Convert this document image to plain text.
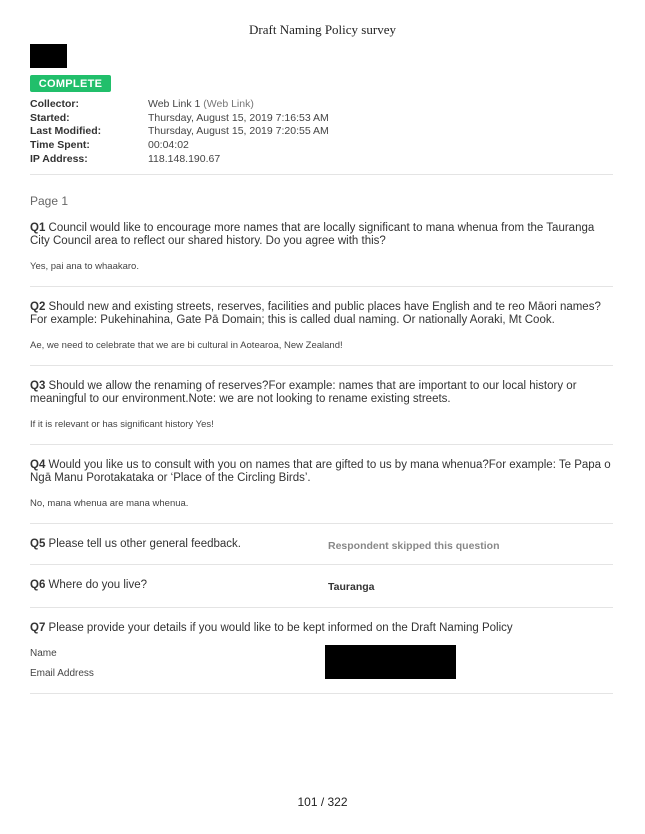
Draft Naming Policy survey
COMPLETE
Collector:	Web Link 1
(Web Link)
Started:	Thursday, August 15, 2019 7:16:53 AM
Last Modified:	Thursday, August 15, 2019 7:20:55 AM
Time Spent:	00:04:02
IP Address:	118.148.190.67
Page 1
Q1 Council would like to encourage more names that are locally significant to mana whenua from the Tauranga City Council area to reflect our shared history. Do you agree with this?
Yes, pai ana to whaakaro.
Q2 Should new and existing streets, reserves, facilities and public places have English and te reo Māori names?For example: Pukehinahina, Gate Pā Domain; this is called dual naming. Or nationally Aoraki, Mt Cook.
Ae, we need to celebrate that we are bi cultural in Aotearoa, New Zealand!
Q3 Should we allow the renaming of reserves?For example: names that are important to our local history or meaningful to our environment.Note: we are not looking to rename existing streets.
If it is relevant or has significant history Yes!
Q4 Would you like us to consult with you on names that are gifted to us by mana whenua?For example: Te Papa o Ngā Manu Porotakataka or ‘Place of the Circling Birds’.
No, mana whenua are mana whenua.
Q5 Please tell us other general feedback.	Respondent skipped this question
Q6 Where do you live?	Tauranga
Q7 Please provide your details if you would like to be kept informed on the Draft Naming Policy
Name
Email Address
101 / 322
